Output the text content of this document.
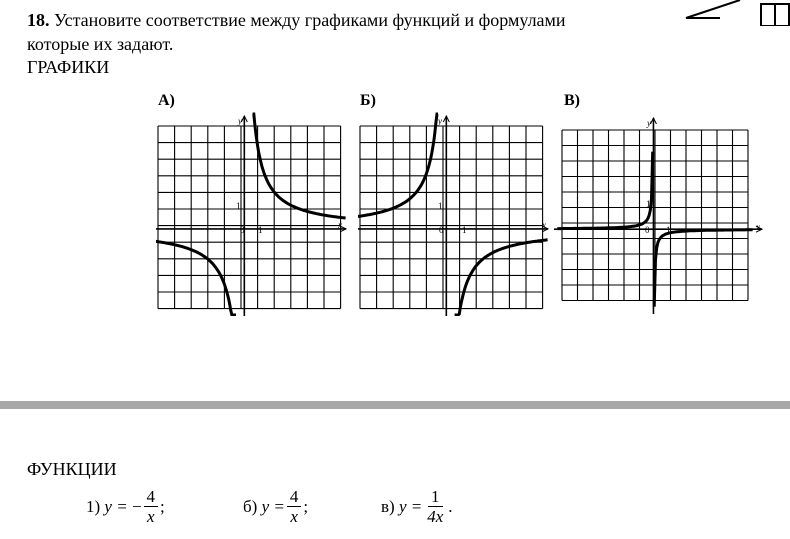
18. Установите соответствие между графиками функций и формулами
которые их задают.
ГРАФИКИ
А)
x
y
0 1
1
Б)
x
y
0 1
1
В)
x
y
0 1
1
ФУНКЦИИ
1)
y =
− $\frac{4}{x}$ ;	б)
$y = \frac{4}{x}$ ;	в)
$y = \frac{1}{4x}$ .
